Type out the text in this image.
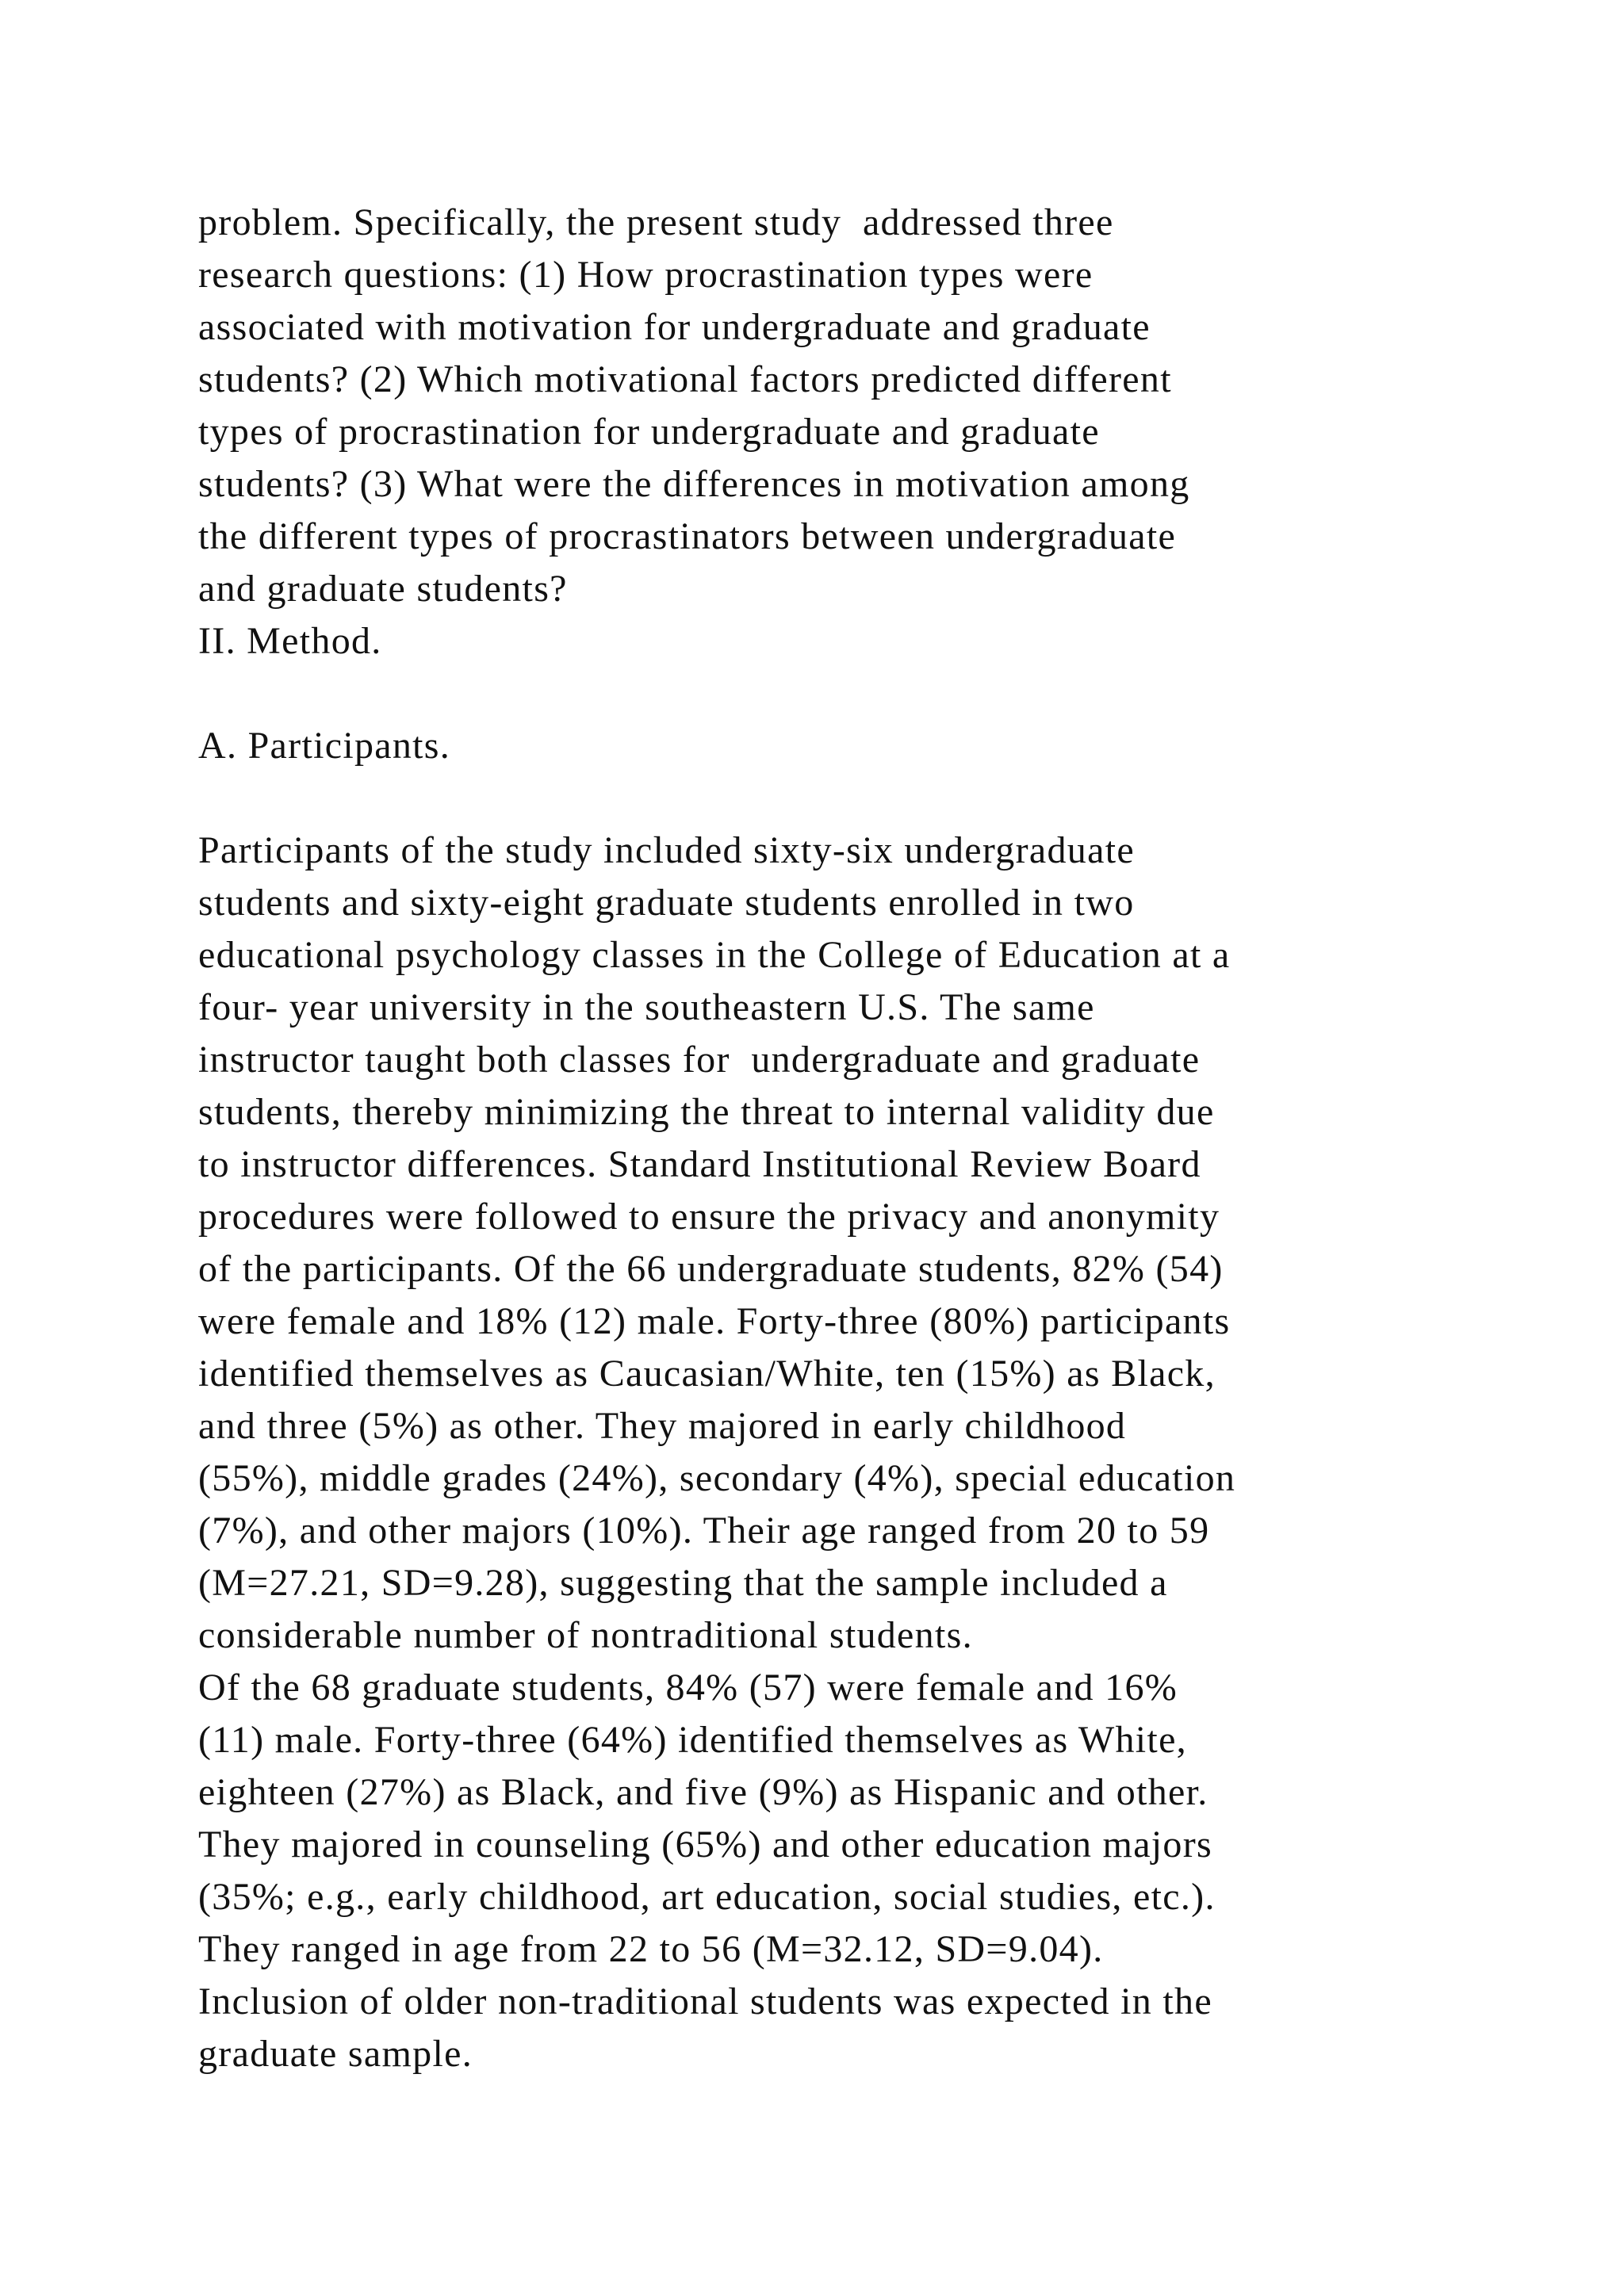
problem. Specifically, the present study  addressed three
research questions: (1) How procrastination types were
associated with motivation for undergraduate and graduate
students? (2) Which motivational factors predicted different
types of procrastination for undergraduate and graduate
students? (3) What were the differences in motivation among
the different types of procrastinators between undergraduate
and graduate students?
II. Method.
A. Participants.
Participants of the study included sixty-six undergraduate
students and sixty-eight graduate students enrolled in two
educational psychology classes in the College of Education at a
four- year university in the southeastern U.S. The same
instructor taught both classes for  undergraduate and graduate
students, thereby minimizing the threat to internal validity due
to instructor differences. Standard Institutional Review Board
procedures were followed to ensure the privacy and anonymity
of the participants. Of the 66 undergraduate students, 82% (54)
were female and 18% (12) male. Forty-three (80%) participants
identified themselves as Caucasian/White, ten (15%) as Black,
and three (5%) as other. They majored in early childhood
(55%), middle grades (24%), secondary (4%), special education
(7%), and other majors (10%). Their age ranged from 20 to 59
(M=27.21, SD=9.28), suggesting that the sample included a
considerable number of nontraditional students.
Of the 68 graduate students, 84% (57) were female and 16%
(11) male. Forty-three (64%) identified themselves as White,
eighteen (27%) as Black, and five (9%) as Hispanic and other.
They majored in counseling (65%) and other education majors
(35%; e.g., early childhood, art education, social studies, etc.).
They ranged in age from 22 to 56 (M=32.12, SD=9.04).
Inclusion of older non-traditional students was expected in the
graduate sample.
